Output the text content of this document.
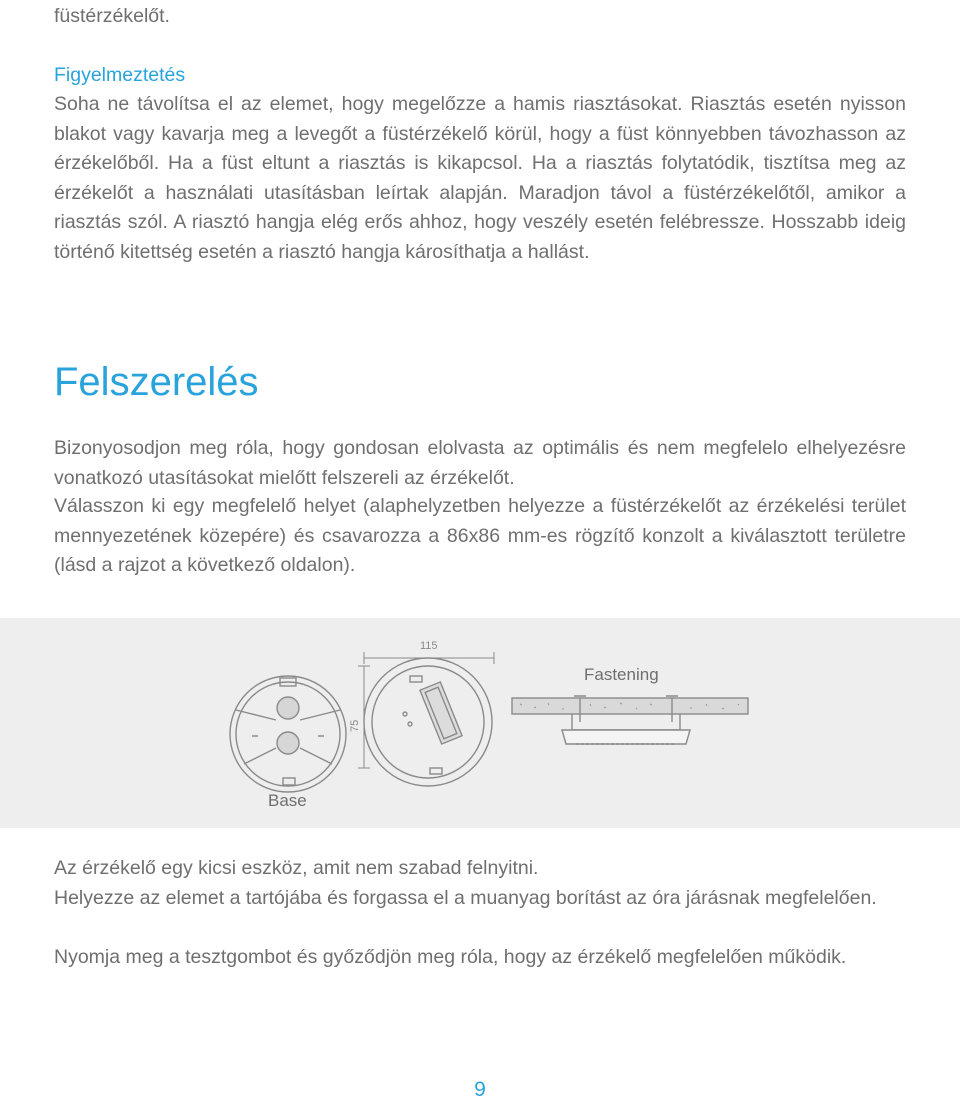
füstérzékelőt.

Figyelmeztetés

Soha ne távolítsa el az elemet, hogy megelőzze a hamis riasztásokat. Riasztás esetén nyisson blakot vagy kavarja meg a levegőt a füstérzékelő körül, hogy a füst könnyebben távozhasson az érzékelőből. Ha a füst eltunt a riasztás is kikapcsol. Ha a riasztás folytatódik, tisztítsa meg az érzékelőt a használati utasításban leírtak alapján. Maradjon távol a füstérzékelőtől, amikor a riasztás szól. A riasztó hangja elég erős ahhoz, hogy veszély esetén felébressze. Hosszabb ideig történő kitettség esetén a riasztó hangja károsíthatja a hallást.

Felszerelés

Bizonyosodjon meg róla, hogy gondosan elolvasta az optimális és nem megfelelo elhelyezésre vonatkozó utasításokat mielőtt felszereli az érzékelőt.

Válasszon ki egy megfelelő helyet (alaphelyzetben helyezze a füstérzékelőt az érzékelési terület mennyezetének közepére) és csavarozza a 86x86 mm-es rögzítő konzolt a kiválasztott területre (lásd a rajzot a következő oldalon).

Base
115
75
Fastening

Az érzékelő egy kicsi eszköz, amit nem szabad felnyitni.

Helyezze az elemet a tartójába és forgassa el a muanyag borítást az óra járásnak megfelelően.

Nyomja meg a tesztgombot és győződjön meg róla, hogy az érzékelő megfelelően működik.

9
